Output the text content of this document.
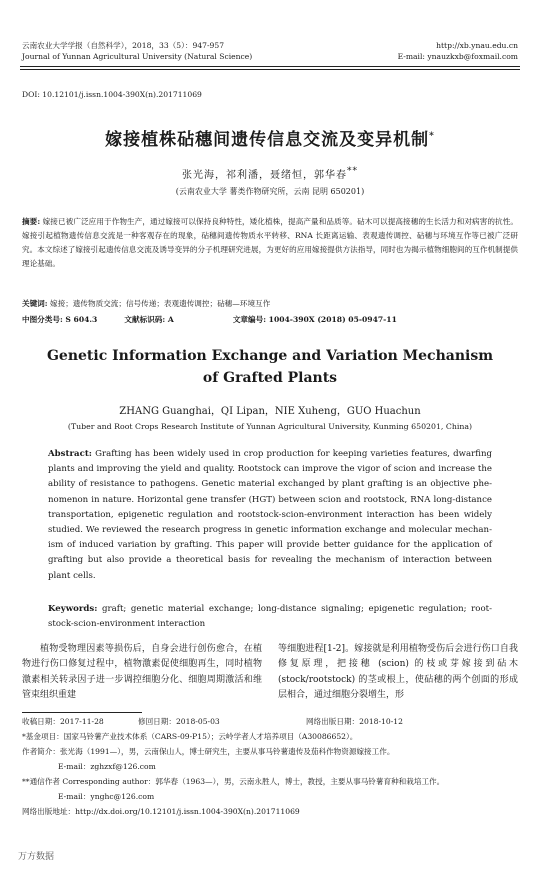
云南农业大学学报（自然科学），2018，33（5）：947-957
Journal of Yunnan Agricultural University (Natural Science)
http://xb.ynau.edu.cn
E-mail: ynauzkxb@foxmail.com
DOI: 10.12101/j.issn.1004-390X(n).201711069
嫁接植株砧穗间遗传信息交流及变异机制*
张光海，祁利潘，聂绪恒，郭华春**
(云南农业大学 薯类作物研究所，云南 昆明 650201)
摘要: 嫁接已被广泛应用于作物生产，通过嫁接可以保持良种特性，矮化植株，提高产量和品质等。砧木可以提高接穗的生长活力和对病害的抗性。嫁接引起植物遗传信息交流是一种客观存在的现象，砧穗间遗传物质水平转移、RNA 长距离运输、表观遗传调控、砧穗与环境互作等已被广泛研究。本文综述了嫁接引起遗传信息交流及诱导变异的分子机理研究进展，为更好的应用嫁接提供方法指导，同时也为揭示植物细胞间的互作机制提供理论基础。
关键词: 嫁接；遗传物质交流；信号传递；表观遗传调控；砧穗—环境互作
中图分类号: S 604.3	文献标识码: A	文章编号: 1004-390X (2018) 05-0947-11
Genetic Information Exchange and Variation Mechanism
of Grafted Plants
ZHANG Guanghai，QI Lipan，NIE Xuheng，GUO Huachun
(Tuber and Root Crops Research Institute of Yunnan Agricultural University, Kunming 650201, China)
Abstract: Grafting has been widely used in crop production for keeping varieties features, dwarfing plants and improving the yield and quality. Rootstock can improve the vigor of scion and increase the ability of resistance to pathogens. Genetic material exchanged by plant grafting is an objective phe-nomenon in nature. Horizontal gene transfer (HGT) between scion and rootstock, RNA long-distance transportation, epigenetic regulation and rootstock-scion-environment interaction has been widely studied. We reviewed the research progress in genetic information exchange and molecular mechan-ism of induced variation by grafting. This paper will provide better guidance for the application of grafting but also provide a theoretical basis for revealing the mechanism of interaction between plant cells.
Keywords: graft; genetic material exchange; long-distance signaling; epigenetic regulation; root-stock-scion-environment interaction
植物受物理因素等损伤后，自身会进行创伤愈合，在植物进行伤口修复过程中，植物激素促使细胞再生，同时植物激素相关转录因子进一步调控细胞分化、细胞周期激活和维管束组织重建
等细胞进程[1-2]。嫁接就是利用植物受伤后会进行伤口自我修复原理，把接穗 (scion) 的枝或芽嫁接到砧木 (stock/rootstock) 的茎或根上，使砧穗的两个创面的形成层相合，通过细胞分裂增生，形
收稿日期：2017-11-28	修回日期：2018-05-03	网络出版日期：2018-10-12
*基金项目：国家马铃薯产业技术体系（CARS-09-P15）；云岭学者人才培养项目（A30086652）。
作者简介：张光海（1991—），男，云南保山人，博士研究生，主要从事马铃薯遗传及茄科作物资源嫁接工作。
E-mail：zghzxf@126.com
**通信作者 Corresponding author：郭华春（1963—），男，云南永胜人，博士，教授，主要从事马铃薯育种和栽培工作。
E-mail：ynghc@126.com
网络出版地址：http://dx.doi.org/10.12101/j.issn.1004-390X(n).201711069
万方数据
